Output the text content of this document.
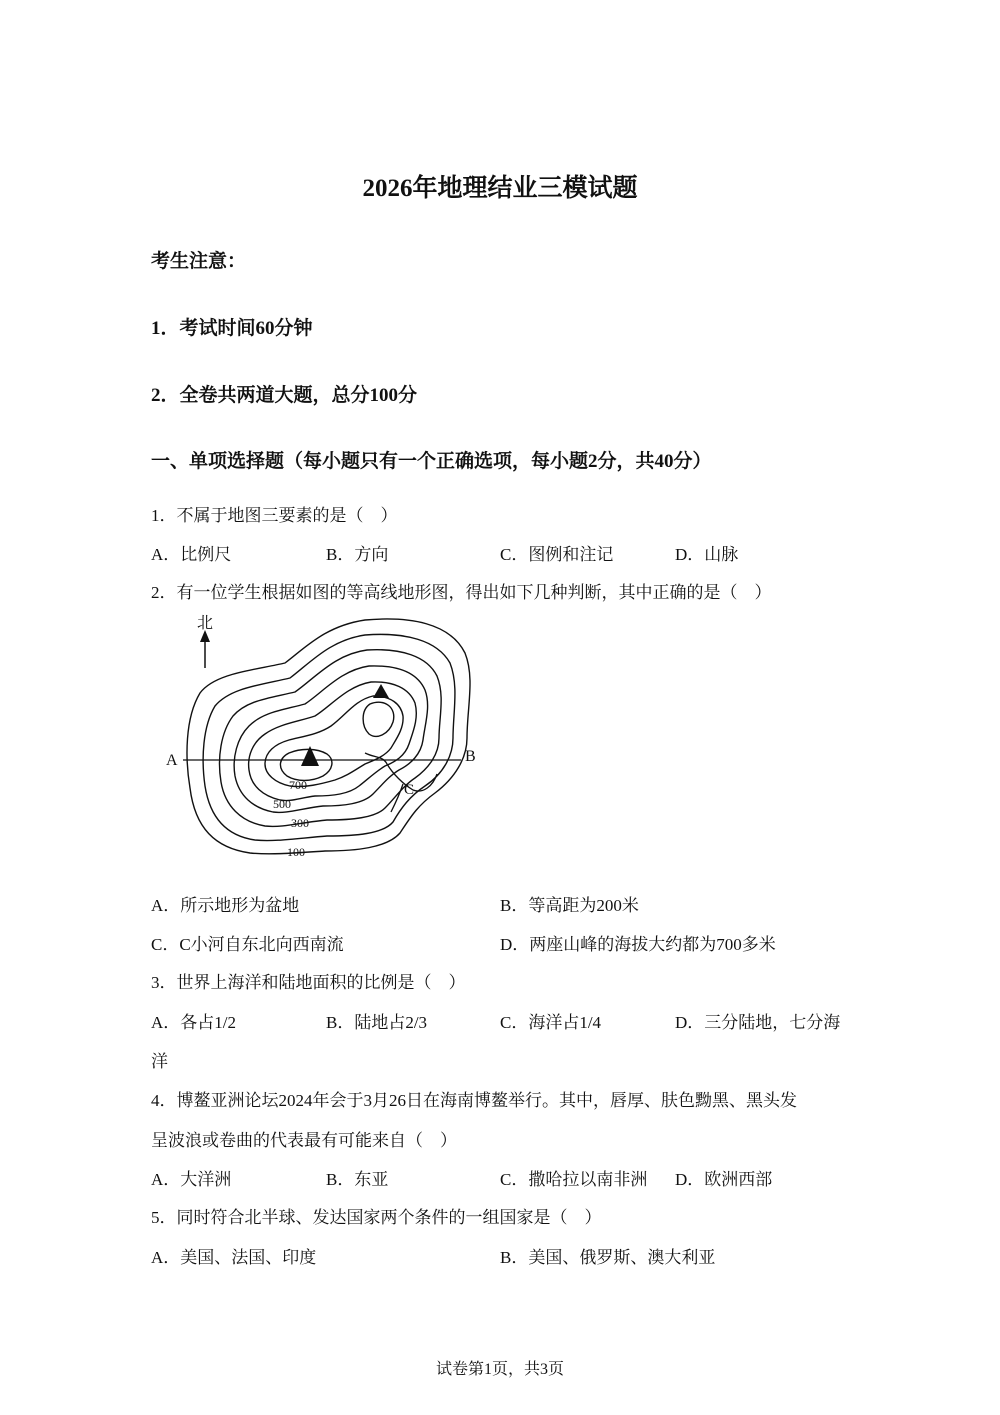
2026年地理结业三模试题
考生注意：
1．考试时间60分钟
2．全卷共两道大题，总分100分
一、单项选择题（每小题只有一个正确选项，每小题2分，共40分）
1．不属于地图三要素的是（　）
A．比例尺	B．方向	C．图例和注记	D．山脉
2．有一位学生根据如图的等高线地形图，得出如下几种判断，其中正确的是（　）
北
A	B
C
700
500
300
100
A．所示地形为盆地	B．等高距为200米
C．C小河自东北向西南流	D．两座山峰的海拔大约都为700多米
3．世界上海洋和陆地面积的比例是（　）
A．各占1/2	B．陆地占2/3	C．海洋占1/4	D．三分陆地，七分海
洋
4．博鳌亚洲论坛2024年会于3月26日在海南博鳌举行。其中，唇厚、肤色黝黑、黑头发
呈波浪或卷曲的代表最有可能来自（　）
A．大洋洲	B．东亚	C．撒哈拉以南非洲 D．欧洲西部
5．同时符合北半球、发达国家两个条件的一组国家是（　）
A．美国、法国、印度	B．美国、俄罗斯、澳大利亚
试卷第1页，共3页
